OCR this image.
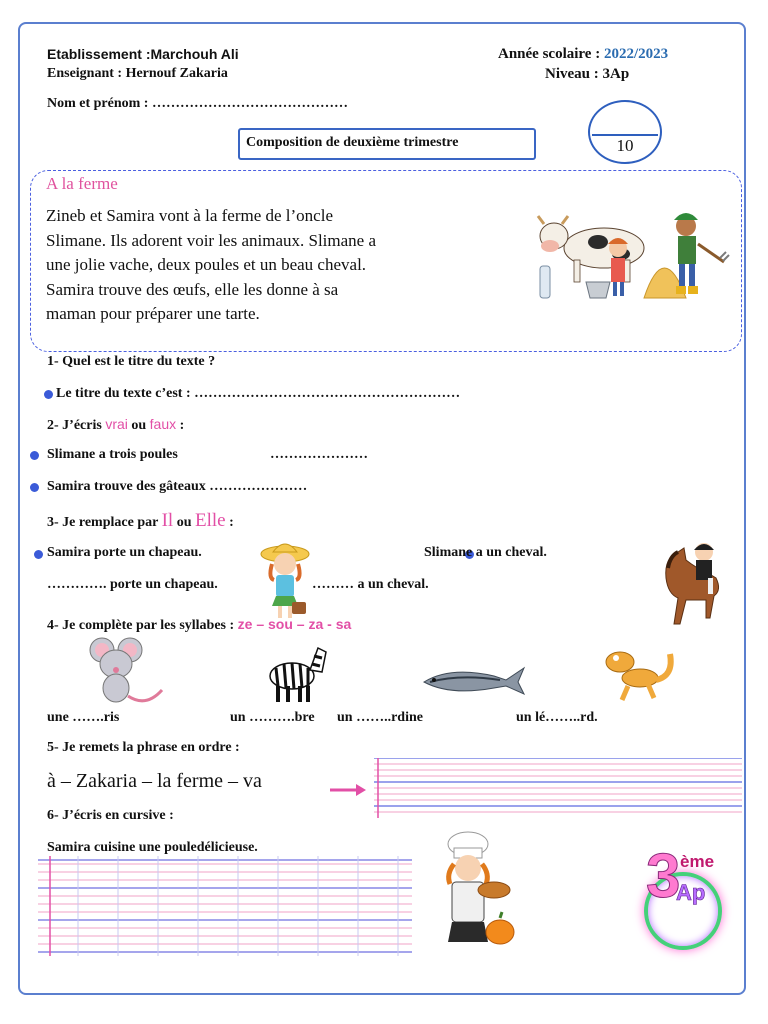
Etablissement :Marchouh Ali
Enseignant : Hernouf Zakaria
Année scolaire : 2022/2023
Niveau : 3Ap
Nom et prénom : ……………………………………
Composition de deuxième trimestre	10
A la ferme
Zineb et Samira vont à la ferme de l’oncle
Slimane. Ils adorent voir les animaux. Slimane a
une jolie vache, deux poules et un beau cheval.
Samira trouve des œufs, elle les donne à sa
maman pour préparer une tarte.
1- Quel est le titre du texte ?
Le titre du texte c’est : …………………………………………………
2- J’écris vrai ou faux :
Slimane a trois poules	…………………
Samira trouve des gâteaux …………………
3- Je remplace par Il ou Elle :
Samira porte un chapeau.
…………. porte un chapeau.
Slimane a un cheval.
……… a un cheval.
4- Je complète par les syllabes : ze – sou – za - sa
une …….ris	un ……….bre un ……..rdine	un lé……..rd.
5- Je remets la phrase en ordre :
à – Zakaria – la ferme – va
6- J’écris en cursive :
Samira cuisine une pouledélicieuse.	3 ème
Ap
